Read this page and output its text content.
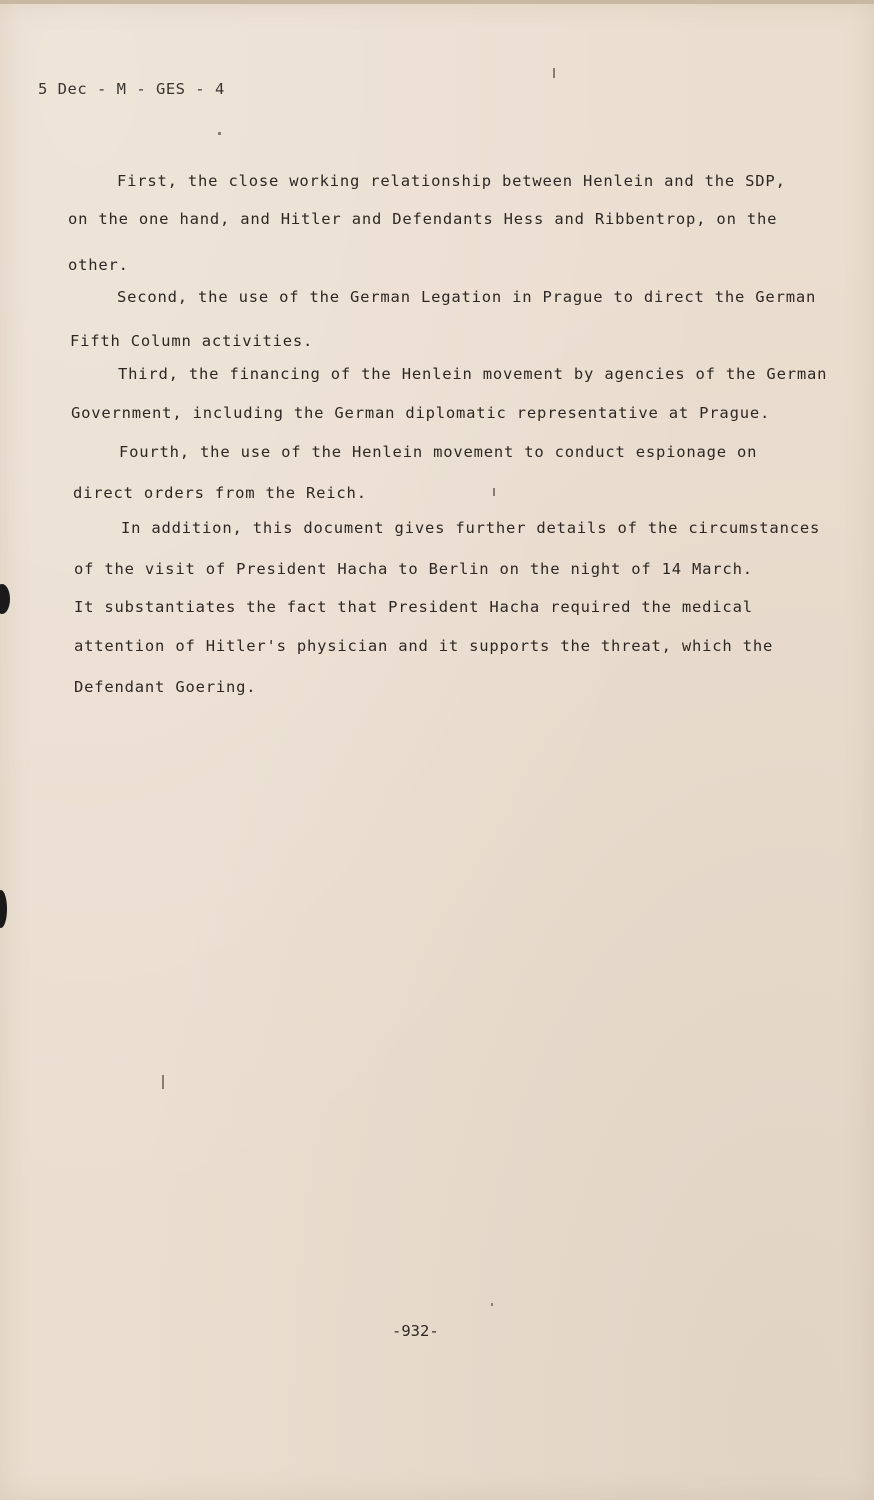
5 Dec - M - GES - 4
First, the close working relationship between Henlein and the SDP,
on the one hand, and Hitler and Defendants Hess and Ribbentrop, on the
other.
Second, the use of the German Legation in Prague to direct the German
Fifth Column activities.
Third, the financing of the Henlein movement by agencies of the German
Government, including the German diplomatic representative at Prague.
Fourth, the use of the Henlein movement to conduct espionage on
direct orders from the Reich.
In addition, this document gives further details of the circumstances
of the visit of President Hacha to Berlin on the night of 14 March.
It substantiates the fact that President Hacha required the medical
attention of Hitler's physician and it supports the threat, which the
Defendant Goering.
-932-
